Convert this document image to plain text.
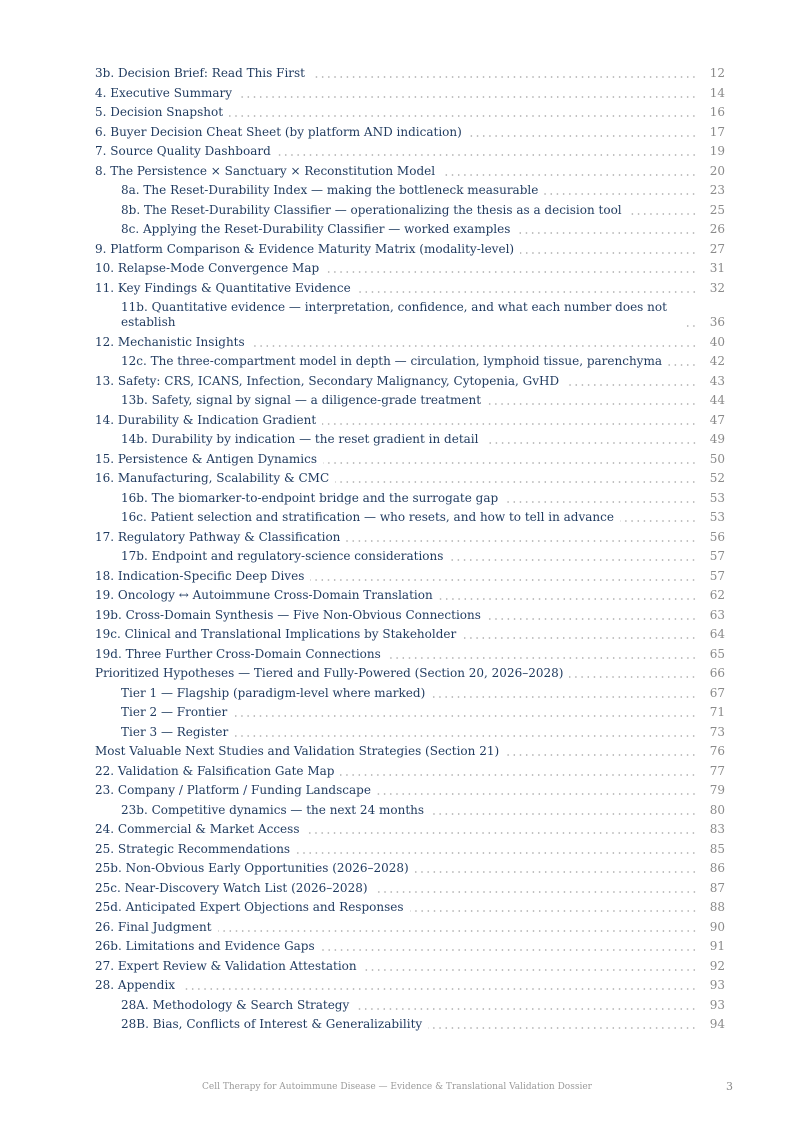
3b. Decision Brief: Read This First	12
4. Executive Summary	14
5. Decision Snapshot	16
6. Buyer Decision Cheat Sheet (by platform AND indication)	17
7. Source Quality Dashboard	19
8. The Persistence × Sanctuary × Reconstitution Model	20
8a. The Reset-Durability Index — making the bottleneck measurable	23
8b. The Reset-Durability Classifier — operationalizing the thesis as a decision tool	25
8c. Applying the Reset-Durability Classifier — worked examples	26
9. Platform Comparison & Evidence Maturity Matrix (modality-level)	27
10. Relapse-Mode Convergence Map	31
11. Key Findings & Quantitative Evidence	32
11b. Quantitative evidence — interpretation, confidence, and what each number does not establish	36
12. Mechanistic Insights	40
12c. The three-compartment model in depth — circulation, lymphoid tissue, parenchyma	42
13. Safety: CRS, ICANS, Infection, Secondary Malignancy, Cytopenia, GvHD	43
13b. Safety, signal by signal — a diligence-grade treatment	44
14. Durability & Indication Gradient	47
14b. Durability by indication — the reset gradient in detail	49
15. Persistence & Antigen Dynamics	50
16. Manufacturing, Scalability & CMC	52
16b. The biomarker-to-endpoint bridge and the surrogate gap	53
16c. Patient selection and stratification — who resets, and how to tell in advance	53
17. Regulatory Pathway & Classification	56
17b. Endpoint and regulatory-science considerations	57
18. Indication-Specific Deep Dives	57
19. Oncology ↔ Autoimmune Cross-Domain Translation	62
19b. Cross-Domain Synthesis — Five Non-Obvious Connections	63
19c. Clinical and Translational Implications by Stakeholder	64
19d. Three Further Cross-Domain Connections	65
Prioritized Hypotheses — Tiered and Fully-Powered (Section 20, 2026–2028)	66
Tier 1 — Flagship (paradigm-level where marked)	67
Tier 2 — Frontier	71
Tier 3 — Register	73
Most Valuable Next Studies and Validation Strategies (Section 21)	76
22. Validation & Falsification Gate Map	77
23. Company / Platform / Funding Landscape	79
23b. Competitive dynamics — the next 24 months	80
24. Commercial & Market Access	83
25. Strategic Recommendations	85
25b. Non-Obvious Early Opportunities (2026–2028)	86
25c. Near-Discovery Watch List (2026–2028)	87
25d. Anticipated Expert Objections and Responses	88
26. Final Judgment	90
26b. Limitations and Evidence Gaps	91
27. Expert Review & Validation Attestation	92
28. Appendix	93
28A. Methodology & Search Strategy	93
28B. Bias, Conflicts of Interest & Generalizability	94
Cell Therapy for Autoimmune Disease — Evidence & Translational Validation Dossier	3
